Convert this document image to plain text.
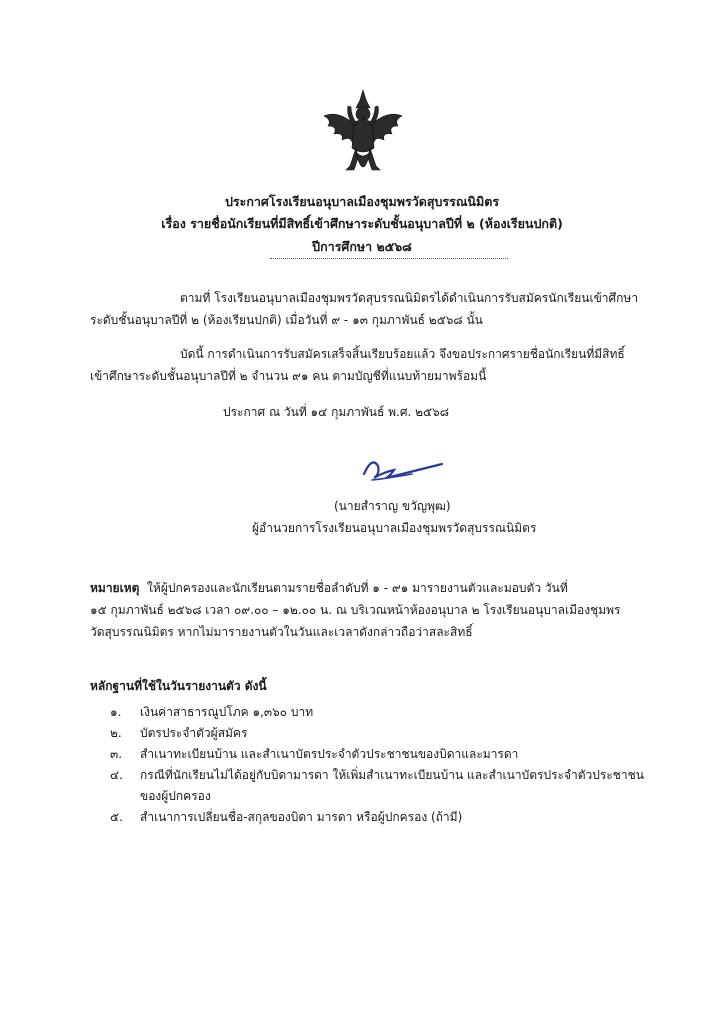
ประกาศโรงเรียนอนุบาลเมืองชุมพรวัดสุบรรณนิมิตร
เรื่อง รายชื่อนักเรียนที่มีสิทธิ์เข้าศึกษาระดับชั้นอนุบาลปีที่ ๒ (ห้องเรียนปกติ)
ปีการศึกษา ๒๕๖๘
ตามที่ โรงเรียนอนุบาลเมืองชุมพรวัดสุบรรณนิมิตรได้ดำเนินการรับสมัครนักเรียนเข้าศึกษา
ระดับชั้นอนุบาลปีที่ ๒ (ห้องเรียนปกติ) เมื่อวันที่ ๙ - ๑๓ กุมภาพันธ์ ๒๕๖๘ นั้น
บัดนี้ การดำเนินการรับสมัครเสร็จสิ้นเรียบร้อยแล้ว จึงขอประกาศรายชื่อนักเรียนที่มีสิทธิ์
เข้าศึกษาระดับชั้นอนุบาลปีที่ ๒ จำนวน ๙๑ คน ตามบัญชีที่แนบท้ายมาพร้อมนี้
ประกาศ ณ วันที่ ๑๔ กุมภาพันธ์ พ.ศ. ๒๕๖๘
(นายสำราญ ขวัญพุฒ)
ผู้อำนวยการโรงเรียนอนุบาลเมืองชุมพรวัดสุบรรณนิมิตร
หมายเหตุ ให้ผู้ปกครองและนักเรียนตามรายชื่อลำดับที่ ๑ - ๙๑ มารายงานตัวและมอบตัว วันที่
๑๕ กุมภาพันธ์ ๒๕๖๘ เวลา ๐๙.๐๐ – ๑๒.๐๐ น. ณ บริเวณหน้าห้องอนุบาล ๒ โรงเรียนอนุบาลเมืองชุมพร
วัดสุบรรณนิมิตร หากไม่มารายงานตัวในวันและเวลาดังกล่าวถือว่าสละสิทธิ์
หลักฐานที่ใช้ในวันรายงานตัว ดังนี้
๑.	เงินค่าสาธารณูปโภค ๑,๓๖๐ บาท
๒.	บัตรประจำตัวผู้สมัคร
๓.	สำเนาทะเบียนบ้าน และสำเนาบัตรประจำตัวประชาชนของบิดาและมารดา
๔.	กรณีที่นักเรียนไม่ได้อยู่กับบิดามารดา ให้เพิ่มสำเนาทะเบียนบ้าน และสำเนาบัตรประจำตัวประชาชน
ของผู้ปกครอง
๕.	สำเนาการเปลี่ยนชื่อ-สกุลของบิดา มารดา หรือผู้ปกครอง (ถ้ามี)
